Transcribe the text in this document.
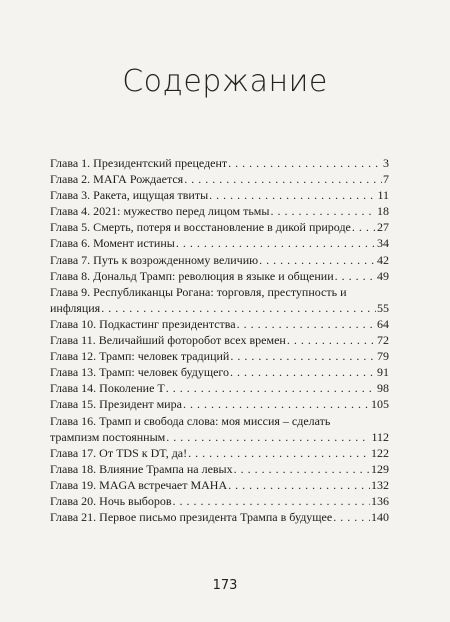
Содержание
Глава 1. Президентский прецедент . . .	3
Глава 2. МАГА Рождается . . .	7
Глава 3. Ракета, ищущая твиты . . .	11
Глава 4. 2021: мужество перед лицом тьмы . . .	18
Глава 5. Смерть, потеря и восстановление в дикой природе . . . 27
Глава 6. Момент истины . . .	34
Глава 7. Путь к возрожденному величию . . .	42
Глава 8. Дональд Трамп: революция в языке и общении . . .	49
Глава 9. Республиканцы Рогана: торговля, преступность и
инфляция . . .	55
Глава 10. Подкастинг президентства . . .	64
Глава 11. Величайший фоторобот всех времен . . .	72
Глава 12. Трамп: человек традиций . . .	79
Глава 13. Трамп: человек будущего . . .	91
Глава 14. Поколение Т . . .	98
Глава 15. Президент мира . . .	105
Глава 16. Трамп и свобода слова: моя миссия – сделать
трампизм постоянным . . .	112
Глава 17. От TDS к DT, да! . . .	122
Глава 18. Влияние Трампа на левых . . .	129
Глава 19. MAGA встречает МАНА . . .	132
Глава 20. Ночь выборов . . .	136
Глава 21. Первое письмо президента Трампа в будущее . . .	140
173
